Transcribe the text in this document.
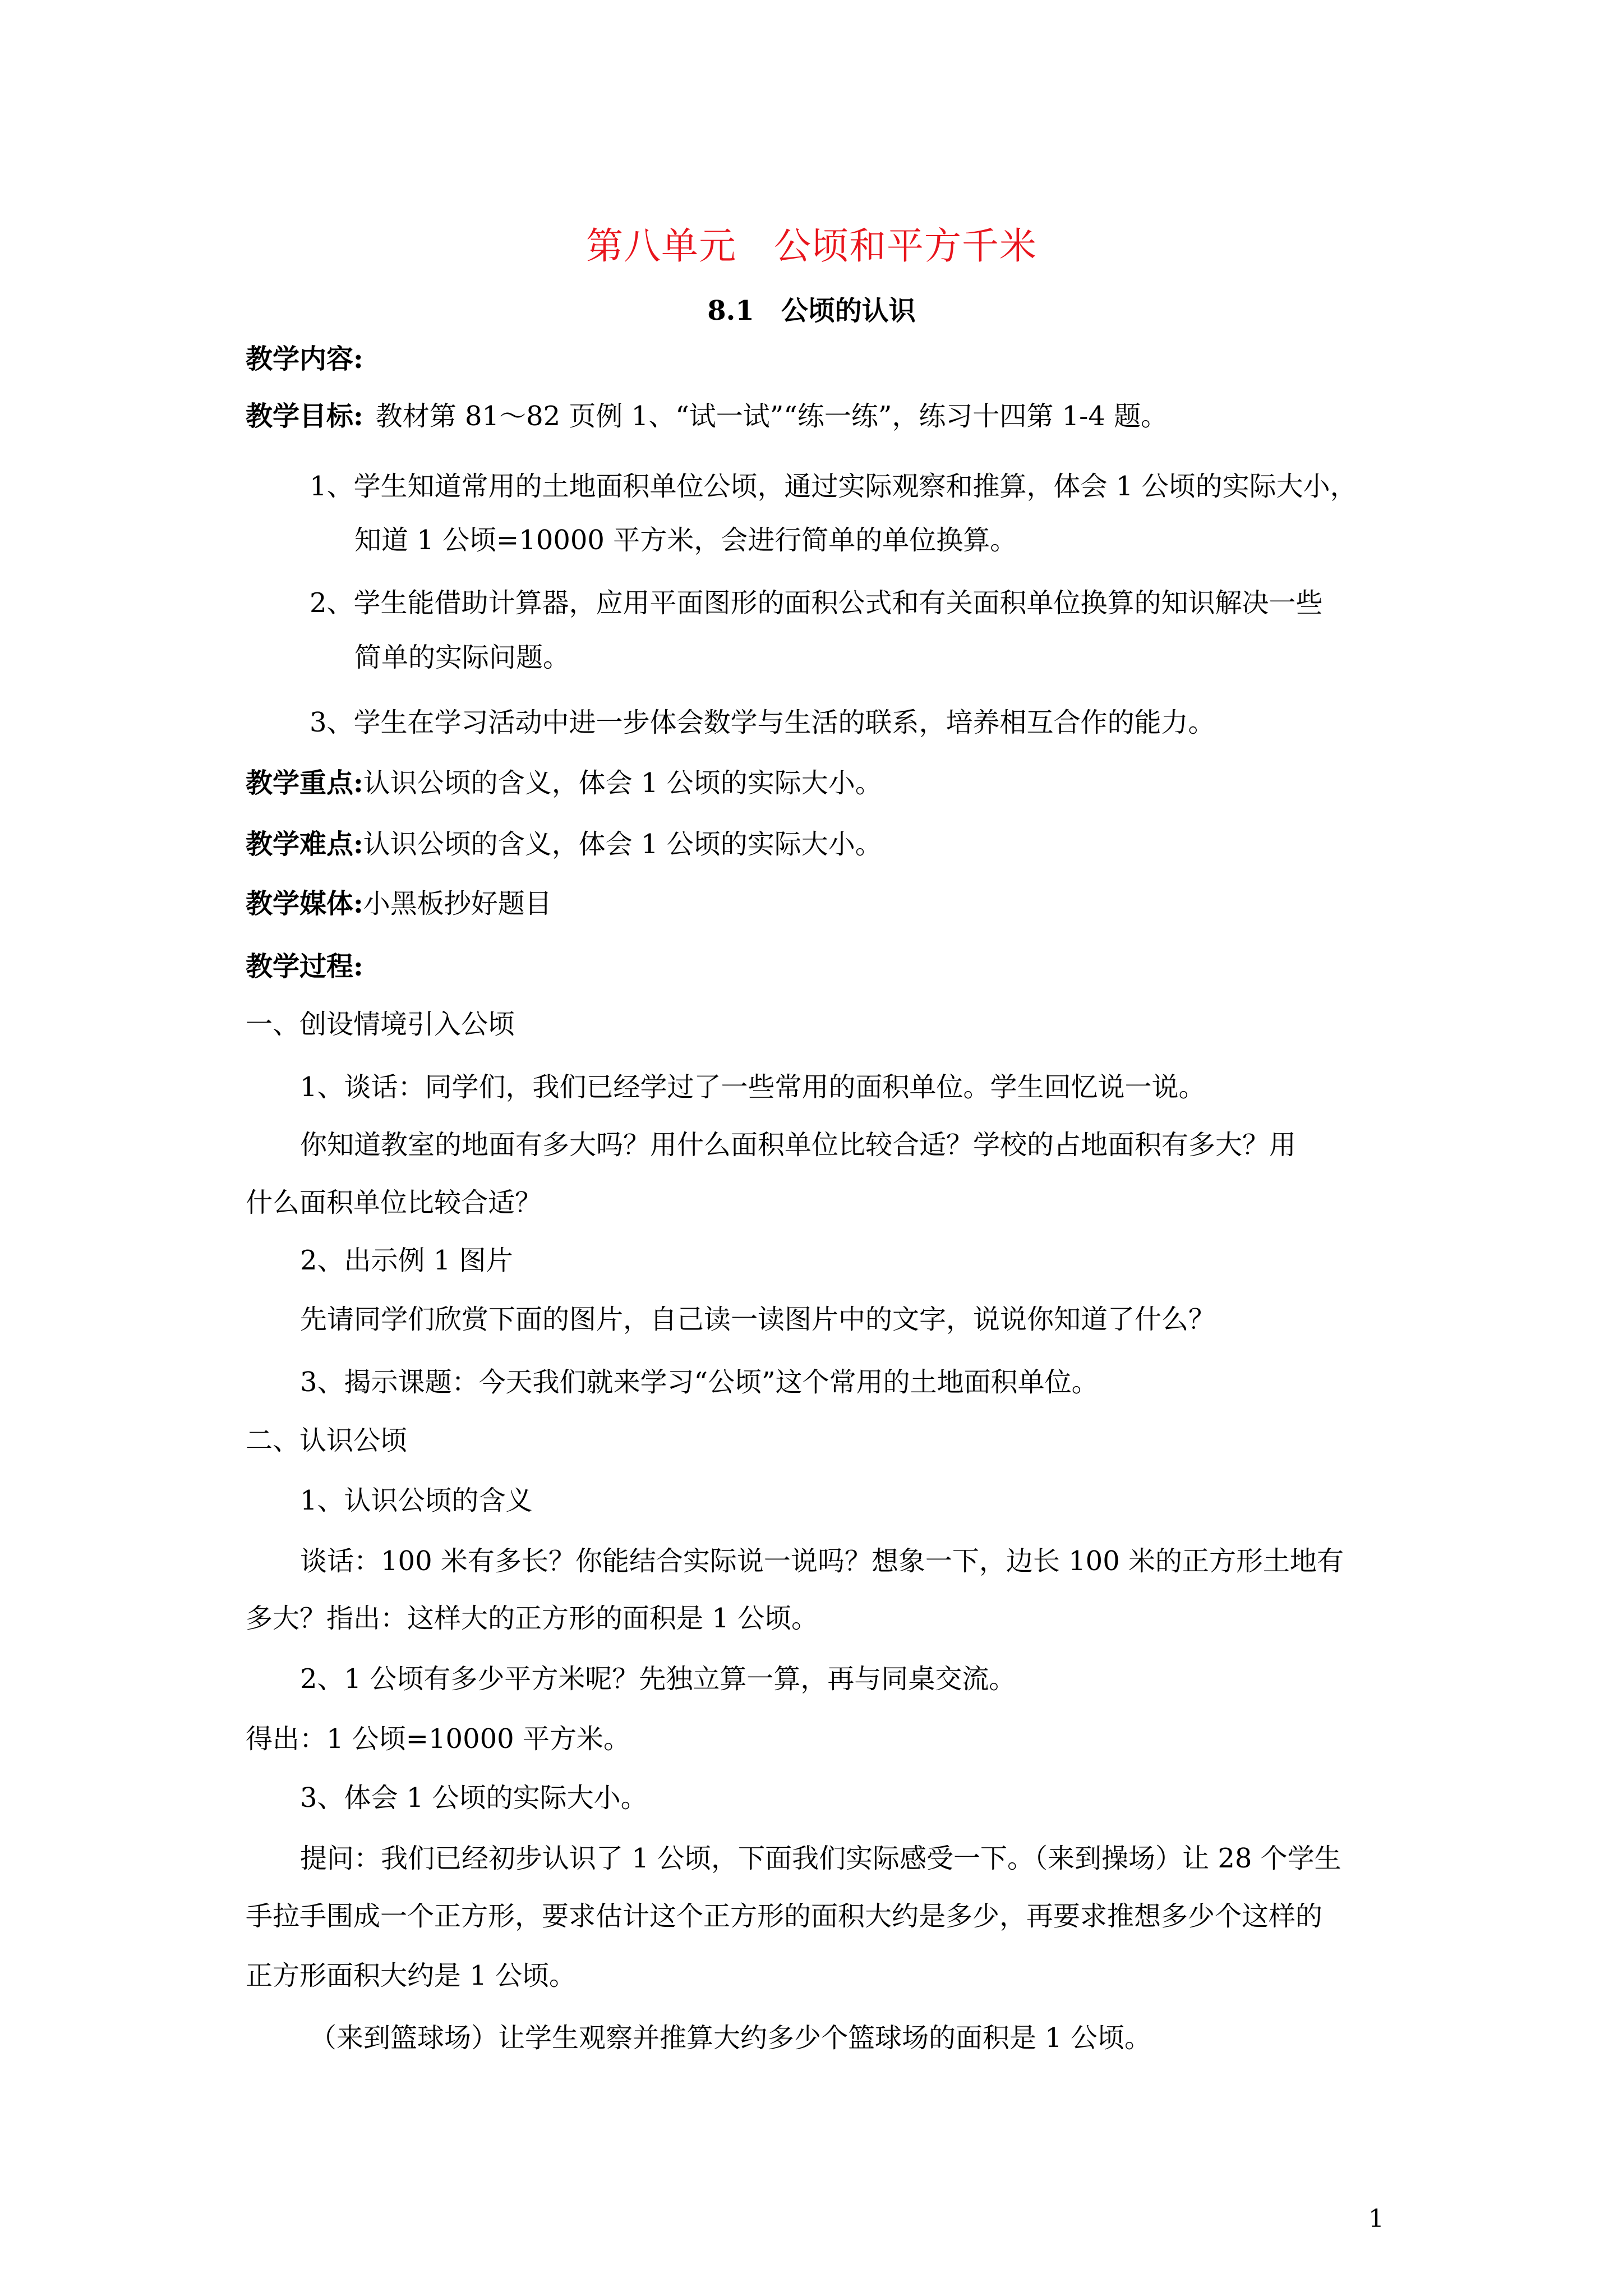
第八单元　公顷和平方千米
8.1　公顷的认识
教学内容:
教学目标: 教材第 81～82 页例 1、“试一试”“练一练”，练习十四第 1-4 题。
1、学生知道常用的土地面积单位公顷，通过实际观察和推算，体会 1 公顷的实际大小，
知道 1 公顷=10000 平方米，会进行简单的单位换算。
2、学生能借助计算器，应用平面图形的面积公式和有关面积单位换算的知识解决一些
简单的实际问题。
3、学生在学习活动中进一步体会数学与生活的联系，培养相互合作的能力。
教学重点:认识公顷的含义，体会 1 公顷的实际大小。
教学难点:认识公顷的含义，体会 1 公顷的实际大小。
教学媒体:小黑板抄好题目
教学过程:
一、创设情境引入公顷
1、谈话：同学们，我们已经学过了一些常用的面积单位。学生回忆说一说。
你知道教室的地面有多大吗？用什么面积单位比较合适？学校的占地面积有多大？用
什么面积单位比较合适？
2、出示例 1 图片
先请同学们欣赏下面的图片，自己读一读图片中的文字，说说你知道了什么？
3、揭示课题：今天我们就来学习“公顷”这个常用的土地面积单位。
二、认识公顷
1、认识公顷的含义
谈话：100 米有多长？你能结合实际说一说吗？想象一下，边长 100 米的正方形土地有
多大？指出：这样大的正方形的面积是 1 公顷。
2、1 公顷有多少平方米呢？先独立算一算，再与同桌交流。
得出：1 公顷=10000 平方米。
3、体会 1 公顷的实际大小。
提问：我们已经初步认识了 1 公顷，下面我们实际感受一下。（来到操场）让 28 个学生
手拉手围成一个正方形，要求估计这个正方形的面积大约是多少，再要求推想多少个这样的
正方形面积大约是 1 公顷。
（来到篮球场）让学生观察并推算大约多少个篮球场的面积是 1 公顷。
1
